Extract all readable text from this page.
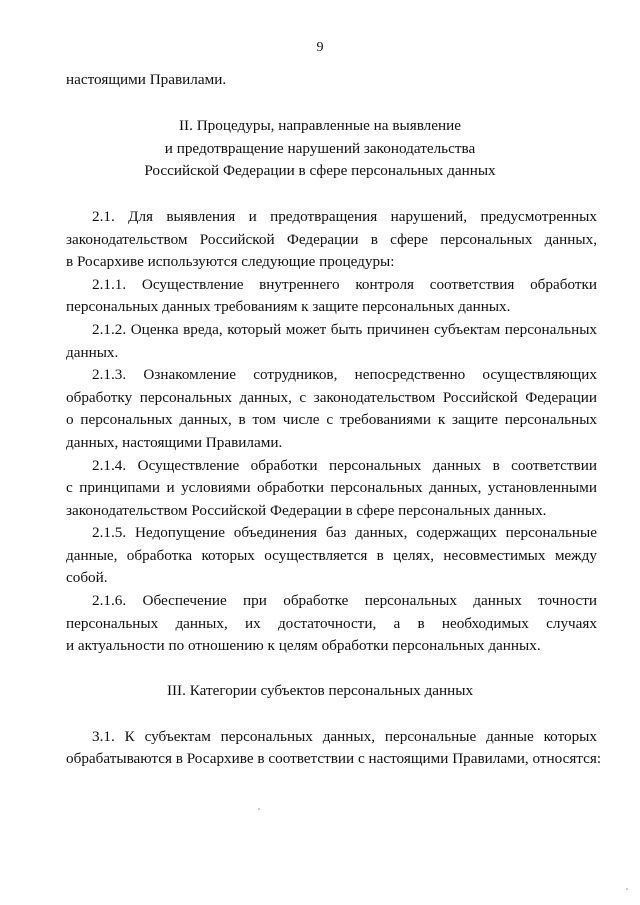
9
настоящими Правилами.
II. Процедуры, направленные на выявление
и предотвращение нарушений законодательства
Российской Федерации в сфере персональных данных
2.1. Для выявления и предотвращения нарушений, предусмотренных
законодательством Российской Федерации в сфере персональных данных,
в Росархиве используются следующие процедуры:
2.1.1. Осуществление внутреннего контроля соответствия обработки
персональных данных требованиям к защите персональных данных.
2.1.2. Оценка вреда, который может быть причинен субъектам персональных
данных.
2.1.3. Ознакомление сотрудников, непосредственно осуществляющих
обработку персональных данных, с законодательством Российской Федерации
о персональных данных, в том числе с требованиями к защите персональных
данных, настоящими Правилами.
2.1.4. Осуществление обработки персональных данных в соответствии
с принципами и условиями обработки персональных данных, установленными
законодательством Российской Федерации в сфере персональных данных.
2.1.5. Недопущение объединения баз данных, содержащих персональные
данные, обработка которых осуществляется в целях, несовместимых между
собой.
2.1.6. Обеспечение при обработке персональных данных точности
персональных данных, их достаточности, а в необходимых случаях
и актуальности по отношению к целям обработки персональных данных.
III. Категории субъектов персональных данных
3.1. К субъектам персональных данных, персональные данные которых
обрабатываются в Росархиве в соответствии с настоящими Правилами, относятся:
